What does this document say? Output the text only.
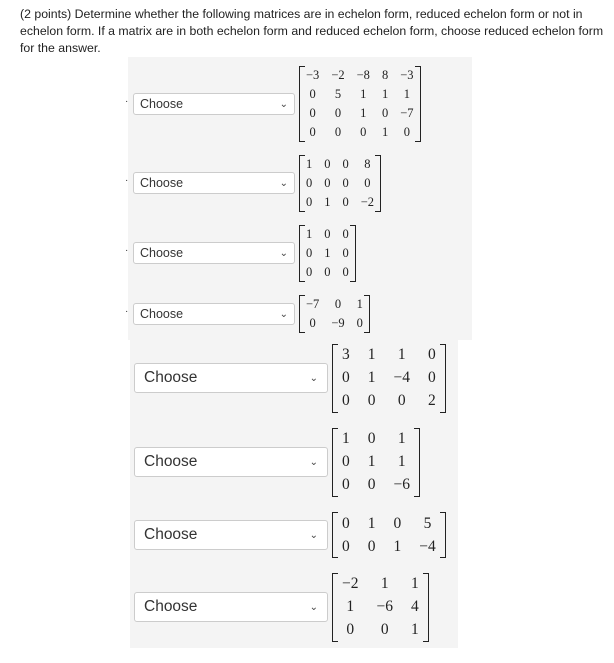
(2 points) Determine whether the following matrices are in echelon form, reduced echelon form or not in echelon form. If a matrix are in both echelon form and reduced echelon form, choose reduced echelon form for the answer.
Choose	⌄
−3	−2	−8	8	−3
0	5	1	1	1
0	0	1	0	−7
0	0	0	1	0
·
Choose	⌄
1	0	0	8
0	0	0	0
0	1	0	−2
·
Choose	⌄
1	0	0
0	1	0
0	0	0
·
Choose	⌄
−7	0	1
0	−9	0
·
Choose	⌄
3	1	1	0
0	1	−4	0
0	0	0	2
Choose	⌄
1	0	1
0	1	1
0	0	−6
Choose	⌄
0	1	0	5
0	0	1	−4
Choose	⌄
−2	1	1
1	−6	4
0	0	1
